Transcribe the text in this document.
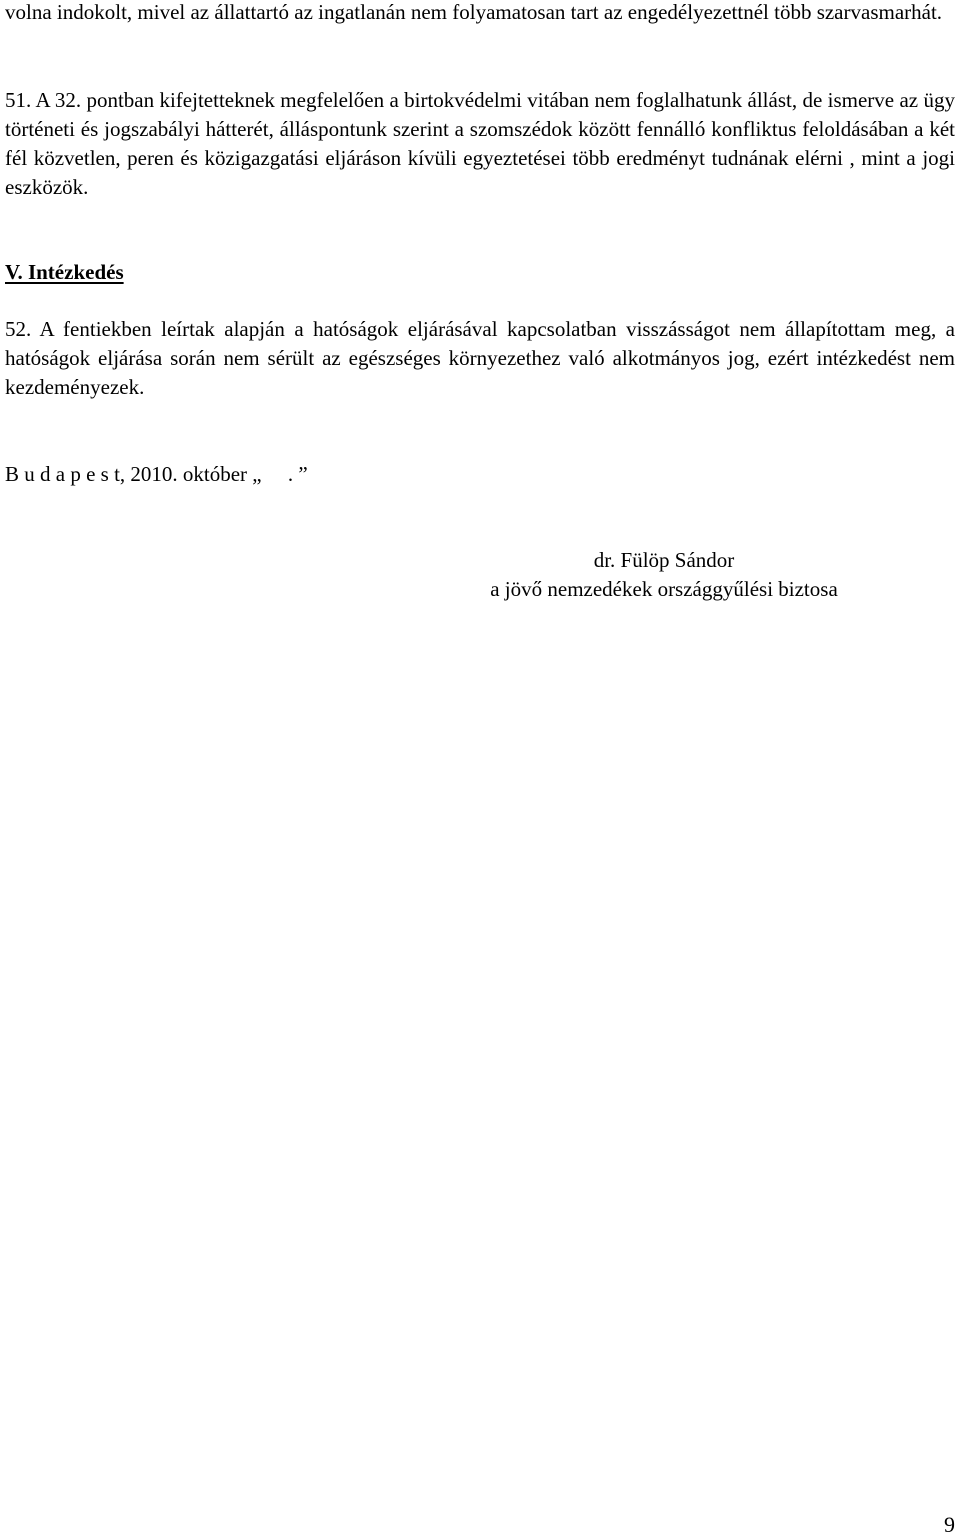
volna indokolt, mivel az állattartó az ingatlanán nem folyamatosan tart az engedélyezettnél több szarvasmarhát.

51. A 32. pontban kifejtetteknek megfelelően a birtokvédelmi vitában nem foglalhatunk állást, de ismerve az ügy történeti és jogszabályi hátterét, álláspontunk szerint a szomszédok között fennálló konfliktus feloldásában a két fél közvetlen, peren és közigazgatási eljáráson kívüli egyeztetései több eredményt tudnának elérni , mint a jogi eszközök.

V. Intézkedés

52. A fentiekben leírtak alapján a hatóságok eljárásával kapcsolatban visszásságot nem állapítottam meg, a hatóságok eljárása során nem sérült az egészséges környezethez való alkotmányos jog, ezért intézkedést nem kezdeményezek.

B u d a p e s t, 2010. október „     . ”

dr. Fülöp Sándor
a jövő nemzedékek országgyűlési biztosa
9
